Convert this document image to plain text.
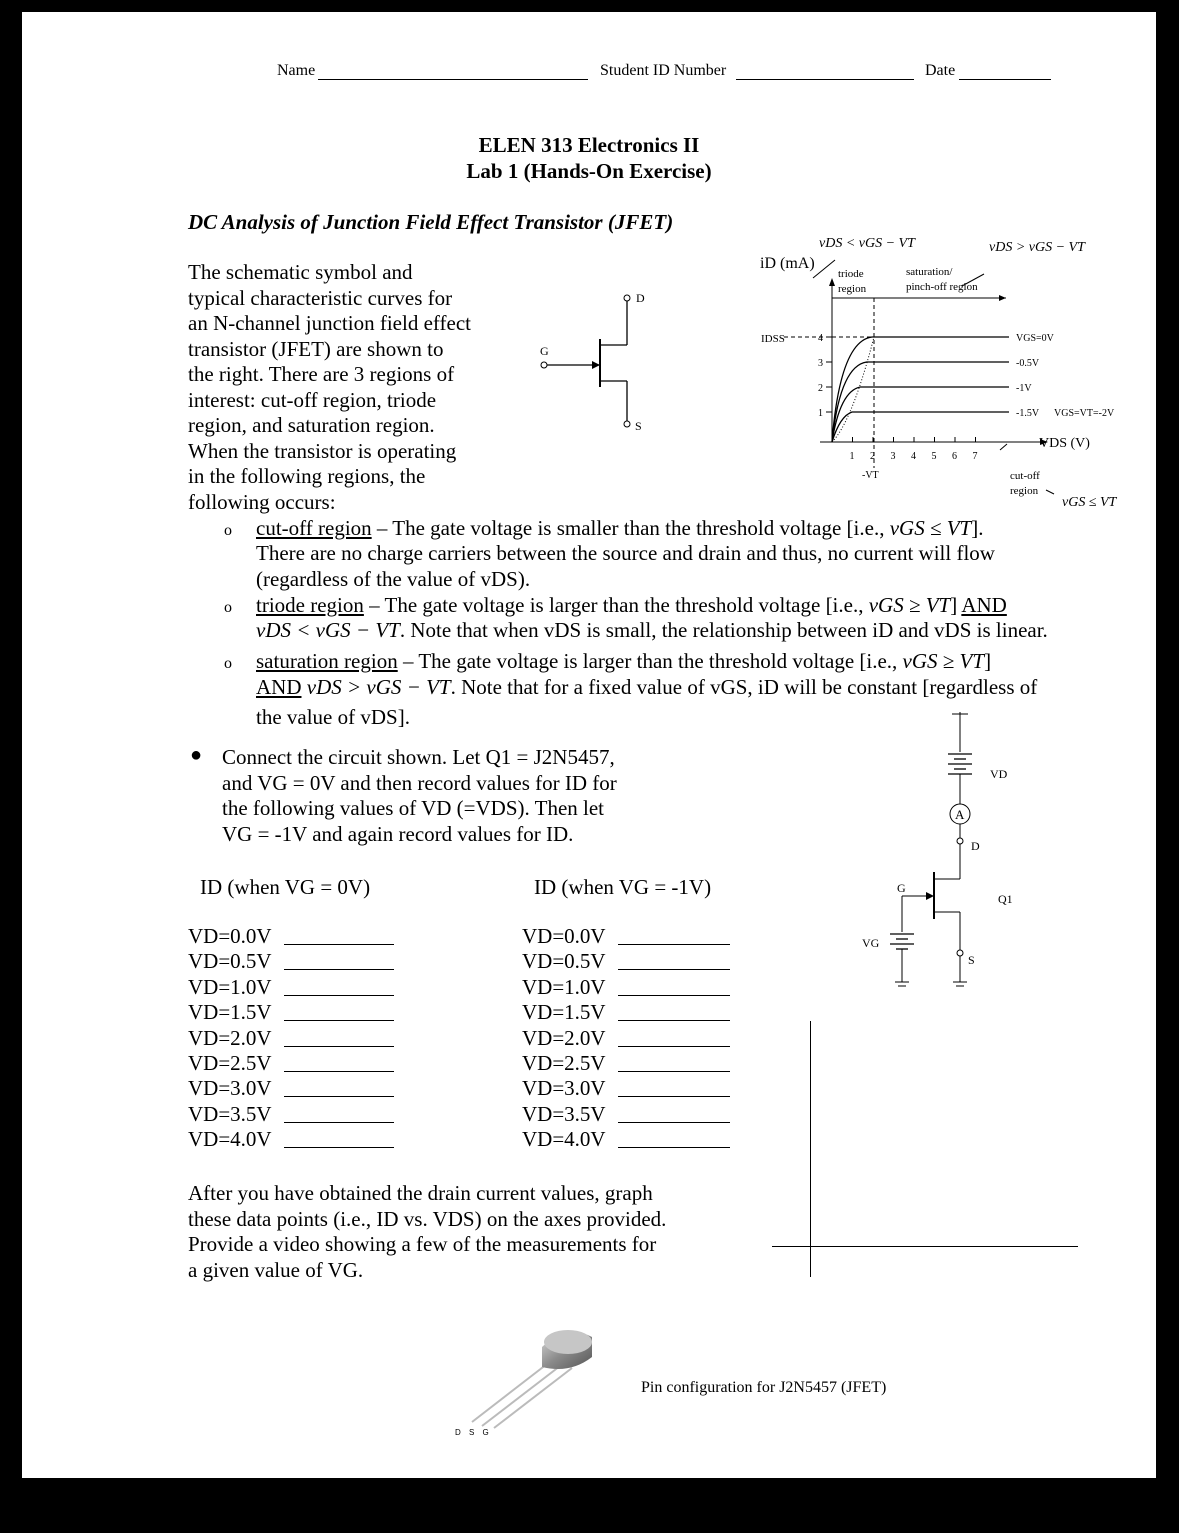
Name	Student ID Number	Date
ELEN 313 Electronics II
Lab 1 (Hands-On Exercise)
DC Analysis of Junction Field Effect Transistor (JFET)
The schematic symbol and
typical characteristic curves for
an N-channel junction field effect
transistor (JFET) are shown to
the right. There are 3 regions of
interest: cut-off region, triode
region, and saturation region.
When the transistor is operating
in the following regions, the
following occurs:
D
S
G
vDS < vGS − VT	vDS > vGS − VT
iD (mA)
triode
region
saturation/
pinch-off region
IDSS	4
3
2
1
1 2 3 4 5 6 7
-VT
VGS=0V
-0.5V
-1V
-1.5V VGS=VT=-2V
VDS (V)
cut-off
region
vGS ≤ VT
o cut-off region – The gate voltage is smaller than the threshold voltage [i.e., vGS ≤ VT].
There are no charge carriers between the source and drain and thus, no current will flow
(regardless of the value of vDS).
o triode region – The gate voltage is larger than the threshold voltage [i.e., vGS ≥ VT] AND
vDS < vGS − VT. Note that when vDS is small, the relationship between iD and vDS is linear.
o saturation region – The gate voltage is larger than the threshold voltage [i.e., vGS ≥ VT]
AND vDS > vGS − VT. Note that for a fixed value of vGS, iD will be constant [regardless of
the value of vDS].
● Connect the circuit shown. Let Q1 = J2N5457,
and VG = 0V and then record values for ID for
the following values of VD (=VDS). Then let
VG = -1V and again record values for ID.
ID (when VG = 0V)	ID (when VG = -1V)
After you have obtained the drain current values, graph
these data points (i.e., ID vs. VDS) on the axes provided.
Provide a video showing a few of the measurements for
a given value of VG.
VD
A
D
S
Q1
G
VG
D S G
Pin configuration for J2N5457 (JFET)
VD=0.0V	VD=0.0V
VD=0.5V	VD=0.5V
VD=1.0V	VD=1.0V
VD=1.5V	VD=1.5V
VD=2.0V	VD=2.0V
VD=2.5V	VD=2.5V
VD=3.0V	VD=3.0V
VD=3.5V	VD=3.5V
VD=4.0V	VD=4.0V
